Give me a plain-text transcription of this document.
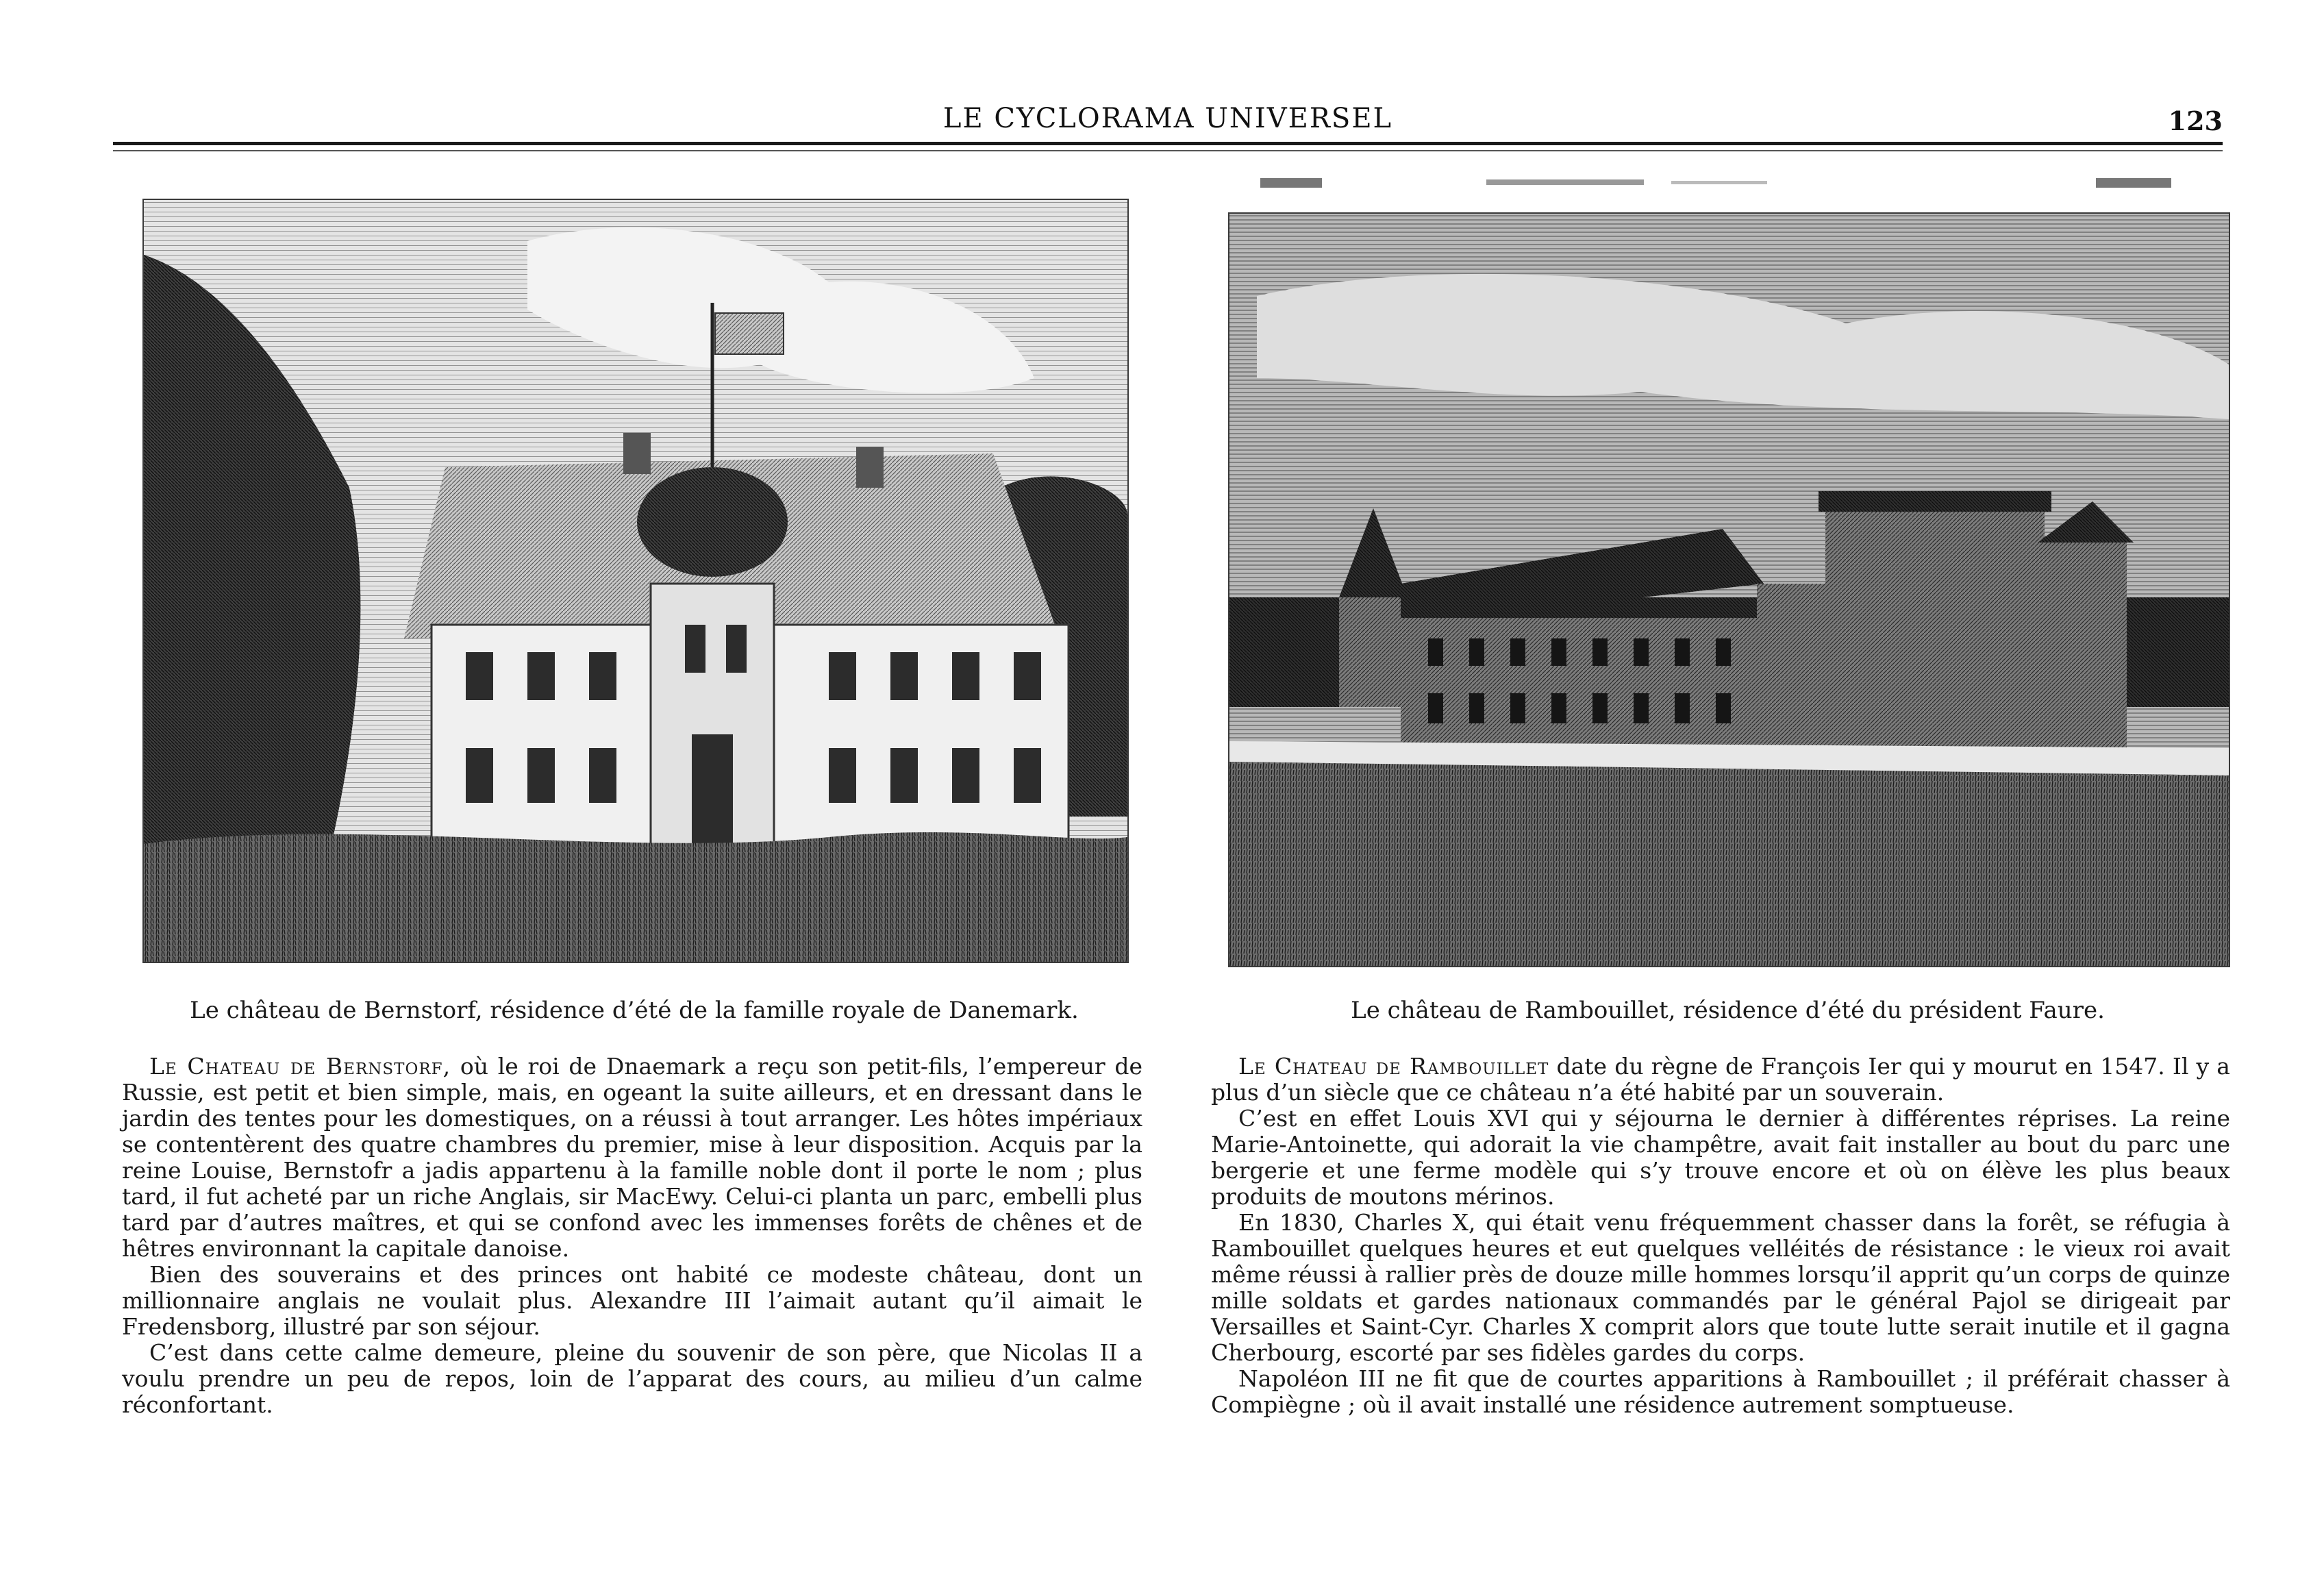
LE CYCLORAMA UNIVERSEL	123
Le château de Bernstorf, résidence d’été de la famille royale de Danemark.	Le château de Rambouillet, résidence d’été du président Faure.

Le Chateau de Bernstorf, où le roi de Dnaemark a reçu son petit-fils, l’empereur de Russie, est petit et bien simple, mais, en ogeant la suite ailleurs, et en dressant dans le jardin des tentes pour les domestiques, on a réussi à tout arranger. Les hôtes impériaux se contentèrent des quatre chambres du premier, mise à leur disposition. Acquis par la reine Louise, Bernstofr a jadis appartenu à la famille noble dont il porte le nom ; plus tard, il fut acheté par un riche Anglais, sir MacEwy. Celui-ci planta un parc, embelli plus tard par d’autres maîtres, et qui se confond avec les immenses forêts de chênes et de hêtres environnant la capitale danoise.

Bien des souverains et des princes ont habité ce modeste château, dont un millionnaire anglais ne voulait plus. Alexandre III l’aimait autant qu’il aimait le Fredensborg, illustré par son séjour.

C’est dans cette calme demeure, pleine du souvenir de son père, que Nicolas II a voulu prendre un peu de repos, loin de l’apparat des cours, au milieu d’un calme réconfortant.

Le Chateau de Rambouillet date du règne de François Ier qui y mourut en 1547. Il y a plus d’un siècle que ce château n’a été habité par un souverain.

C’est en effet Louis XVI qui y séjourna le dernier à différentes réprises. La reine Marie-Antoinette, qui adorait la vie champêtre, avait fait installer au bout du parc une bergerie et une ferme modèle qui s’y trouve encore et où on élève les plus beaux produits de moutons mérinos.

En 1830, Charles X, qui était venu fréquemment chasser dans la forêt, se réfugia à Rambouillet quelques heures et eut quelques velléités de résistance : le vieux roi avait même réussi à rallier près de douze mille hommes lorsqu’il apprit qu’un corps de quinze mille soldats et gardes nationaux commandés par le général Pajol se dirigeait par Versailles et Saint-Cyr. Charles X comprit alors que toute lutte serait inutile et il gagna Cherbourg, escorté par ses fidèles gardes du corps.

Napoléon III ne fit que de courtes apparitions à Rambouillet ; il préférait chasser à Compiègne ; où il avait installé une résidence autrement somptueuse.
